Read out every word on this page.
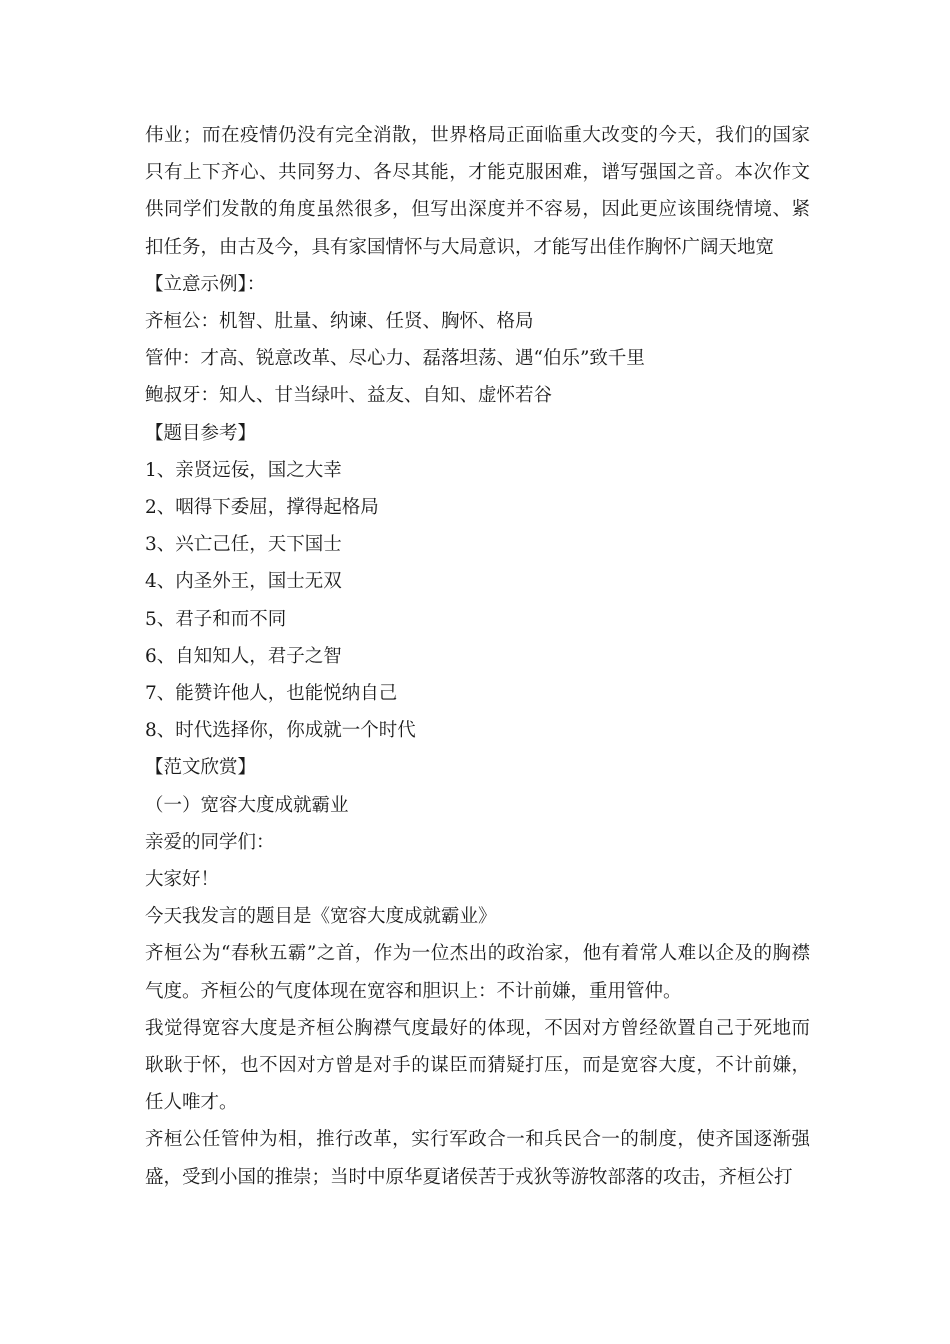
伟业；而在疫情仍没有完全消散，世界格局正面临重大改变的今天，我们的国家只有上下齐心、共同努力、各尽其能，才能克服困难，谱写强国之音。本次作文供同学们发散的角度虽然很多，但写出深度并不容易，因此更应该围绕情境、紧扣任务，由古及今，具有家国情怀与大局意识，才能写出佳作胸怀广阔天地宽

【立意示例】：

齐桓公：机智、肚量、纳谏、任贤、胸怀、格局

管仲：才高、锐意改革、尽心力、磊落坦荡、遇“伯乐”致千里

鲍叔牙：知人、甘当绿叶、益友、自知、虚怀若谷

【题目参考】

1、亲贤远佞，国之大幸

2、咽得下委屈，撑得起格局

3、兴亡己任，天下国士

4、内圣外王，国士无双

5、君子和而不同

6、自知知人，君子之智

7、能赞许他人，也能悦纳自己

8、时代选择你，你成就一个时代

【范文欣赏】

（一）宽容大度成就霸业

亲爱的同学们：

大家好！

今天我发言的题目是《宽容大度成就霸业》

齐桓公为“春秋五霸”之首，作为一位杰出的政治家，他有着常人难以企及的胸襟气度。齐桓公的气度体现在宽容和胆识上：不计前嫌，重用管仲。

我觉得宽容大度是齐桓公胸襟气度最好的体现，不因对方曾经欲置自己于死地而耿耿于怀，也不因对方曾是对手的谋臣而猜疑打压，而是宽容大度，不计前嫌，任人唯才。

齐桓公任管仲为相，推行改革，实行军政合一和兵民合一的制度，使齐国逐渐强盛，受到小国的推崇；当时中原华夏诸侯苦于戎狄等游牧部落的攻击，齐桓公打
